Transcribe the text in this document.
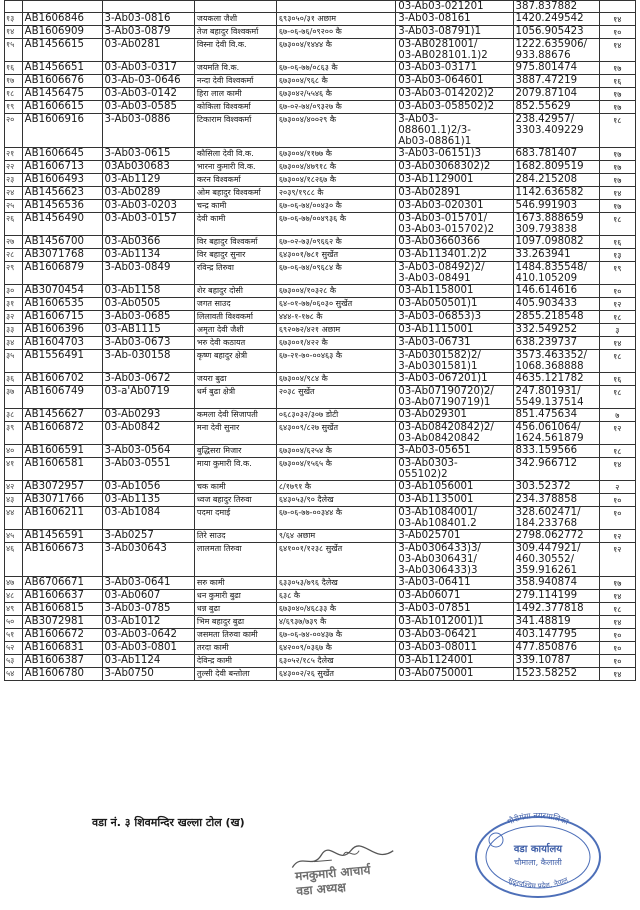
					03-Ab03-021201	387.837882	
१३	AB1606846	3-Ab03-0816	जयकला जैशी	६९३०५०/३१ अछाम	3-Ab03-08161	1420.249542	१४
१४	AB1606909	3-Ab03-0879	तेज बहादुर विश्वकर्मा	६७-०६-७६/०९२०० कै	3-Ab03-08791)1	1056.905423	१०
१५	AB1456615	03-Ab0281	विस्ना देवी वि.क.	६७३००४/१४४४ कै	03-AB0281001/
03-AB028101.1)2	1222.635906/
933.88676	१४
१६	AB1456651	03-Ab03-0317	जयमति वि.क.	६७-०६-७७/०८६३ कै	03-Ab03-03171	975.801474	१७
१७	AB1606676	03-Ab-03-0646	नन्दा देवी विश्वकर्मा	६७३००४/९६८ कै	03-Ab03-064601	3887.47219	१६
१८	AB1456475	03-Ab03-0142	हिरा लाल कामी	६७३०४२/५५४६ कै	03-Ab03-014202)2	2079.87104	१७
१९	AB1606615	03-Ab03-0585	कोकिला विश्वकर्मा	६७-०२-७४/०९३२७ कै	03-Ab03-058502)2	852.55629	१७
२०	AB1606916	3-Ab03-0886	टिकाराम विश्वकर्मा	६७३००४/४००२९ कै	3-Ab03-
088601.1)2/3-
Ab03-08861)1	238.42957/
3303.409229	१८
२१	AB1606645	3-Ab03-0615	कौसिला देवी वि.क.	६७३००४/११७७ कै	3-Ab03-06151)3	683.781407	१७
२२	AB1606713	03Ab030683	भारना कुमारी वि.क.	६७३००४/४७९१८ कै	03-Ab03068302)2	1682.809519	१७
२३	AB1606493	03-Ab1129	करन विश्वकर्मा	६७३००४/१८२६७ कै	03-Ab1129001	284.215208	१७
२४	AB1456623	03-Ab0289	ओम बहादुर विश्वकर्मा	२०३९/१९८८ कै	03-Ab02891	1142.636582	१४
२५	AB1456536	03-Ab03-0203	चन्द्र कामी	६७-०६-७४/००४३० कै	03-Ab03-020301	546.991903	१७
२६	AB1456490	03-Ab03-0157	देवी कामी	६७-०६-७७/००४९३६ कै	03-Ab03-015701/
03-Ab03-015702)2	1673.888659
309.793838	१८
२७	AB1456700	03-Ab0366	विर बहादुर विश्वकर्मा	६७-०२-७३/०९६६२ कै	03-Ab03660366	1097.098082	१६
२८	AB3071768	03-Ab1134	विर बहादुर सुनार	६४३००१/७८१ सुर्खेत	03-Ab113401.2)2	33.263941	१३
२९	AB1606879	3-Ab03-0849	रविन्द्र तिरुवा	६७-०६-७४/०९६८४ कै	3-Ab03-08492)2/
3-Ab03-08491	1484.835548/
410.105209	१९
३०	AB3070454	03-Ab1158	शेर बहादुर दोसी	६७३००४/१०३२८ कै	03-Ab1158001	146.614616	१०
३१	AB1606535	03-Ab0505	जगत साउद	६४-०१-७७/०६०३० सुर्खेत	03-Ab050501)1	405.903433	१२
३२	AB1606715	3-Ab03-0685	लिलावती विश्वकर्मा	४४४-१-१७८ कै	3-Ab03-06853)3	2855.218548	१८
३३	AB1606396	03-AB1115	अमृता देवी जैशी	६९२०७२/४२१ अछाम	03-Ab1115001	332.549252	३
३४	AB1604703	3-Ab03-0673	भरु देवी कठायत	६७३००१/४२२ कै	3-Ab03-06731	638.239737	१४
३५	AB1556491	3-Ab-030158	कृष्ण बहादुर क्षेत्री	६७-२१-७०-००४६३ कै	3-Ab0301582)2/
3-Ab0301581)1	3573.463352/
1068.368888	१८
३६	AB1606702	3-Ab03-0672	जयरा बुढा	६७३००४/९८४ कै	3-Ab03-067201)1	4635.121782	१६
३७	AB1606749	03-a'Ab0719	धर्म बुढा क्षेत्री	२०३८ सुर्खेत	03-Ab07190720)2/
03-Ab07190719)1	247.801931/
5549.137514	१८
३८	AB1456627	03-Ab0293	कमला देवी सिजापती	०६८३०३२/३०७ डोटी	03-Ab029301	851.475634	७
३९	AB1606872	03-Ab0842	मना देवी सुनार	६४३००९/८२७ सुर्खेत	03-Ab08420842)2/
03-Ab08420842	456.061064/
1624.561879	१२
४०	AB1606591	3-Ab03-0564	बुद्धिसरा मिजार	६७३००४/६२५४ कै	3-Ab03-05651	833.159566	१८
४१	AB1606581	3-Ab03-0551	माया कुमारी वि.क.	६७३००४/१५६५ कै	03-Ab0303-
055102)2	342.966712	१४
४२	AB3072957	03-Ab1056	चक कामी	८/१७९१ कै	03-Ab1056001	303.52372	२
४३	AB3071766	03-Ab1135	ध्वज बहादुर तिरुवा	६४३०५३/९० दैलेख	03-Ab1135001	234.378858	१०
४४	AB1606211	03-Ab1084	पदमा दमाई	६७-०६-७७-००३४४ कै	03-Ab1084001/
03-Ab108401.2	328.602471/
184.233768	१०
४५	AB1456591	3-Ab0257	तिरे साउद	९/६४ अछाम	3-Ab025701	2798.062772	१२
४६	AB1606673	3-Ab030643	लालमता तिरुवा	६४१००१/१२३८ सुर्खेत	3-Ab0306433)3/
03-Ab0306431/
3-Ab0306433)3	309.447921/
460.30552/
359.916261	१२
४७	AB6706671	3-Ab03-0641	सरु कामी	६३३०५३/७९६ दैलेख	3-Ab03-06411	358.940874	१७
४८	AB1606637	03-Ab0607	धन कुमारी बुढा	६३८ कै	03-Ab06071	279.114199	१४
४९	AB1606815	3-Ab03-0785	धन्न बुढा	६७३०४०/४६८३३ कै	3-Ab03-07851	1492.377818	१८
५०	AB3072981	03-Ab1012	भिम बहादुर बुढा	४/६९३७/७३९ कै	03-Ab1012001)1	341.48819	१४
५१	AB1606672	03-Ab03-0642	जसमता तिरुवा कामी	६७-०६-७४-००४३७ कै	03-Ab03-06421	403.147795	१०
५२	AB1606831	03-Ab03-0801	तरदा कामी	६४२००९/०३६७ कै	03-Ab03-08011	477.850876	१०
५३	AB1606387	03-Ab1124	देविन्द्र कामी	६३०५२/१८५ दैलेख	03-Ab1124001	339.10787	१०
५४	AB1606780	3-Ab0750	तुल्सी देवी बन्तोला	६४३००२/२६ सुर्खेत	03-Ab0750001	1523.58252	१४
वडा नं. ३ शिवमन्दिर खल्ला टोल (ख)
मनकुमारी आचार्य
वडा अध्यक्ष
गौरीगंगा नगरपालिका
वडा कार्यालय
चौमाला, कैलाली
सुदूरपश्चिम प्रदेश, नेपाल
